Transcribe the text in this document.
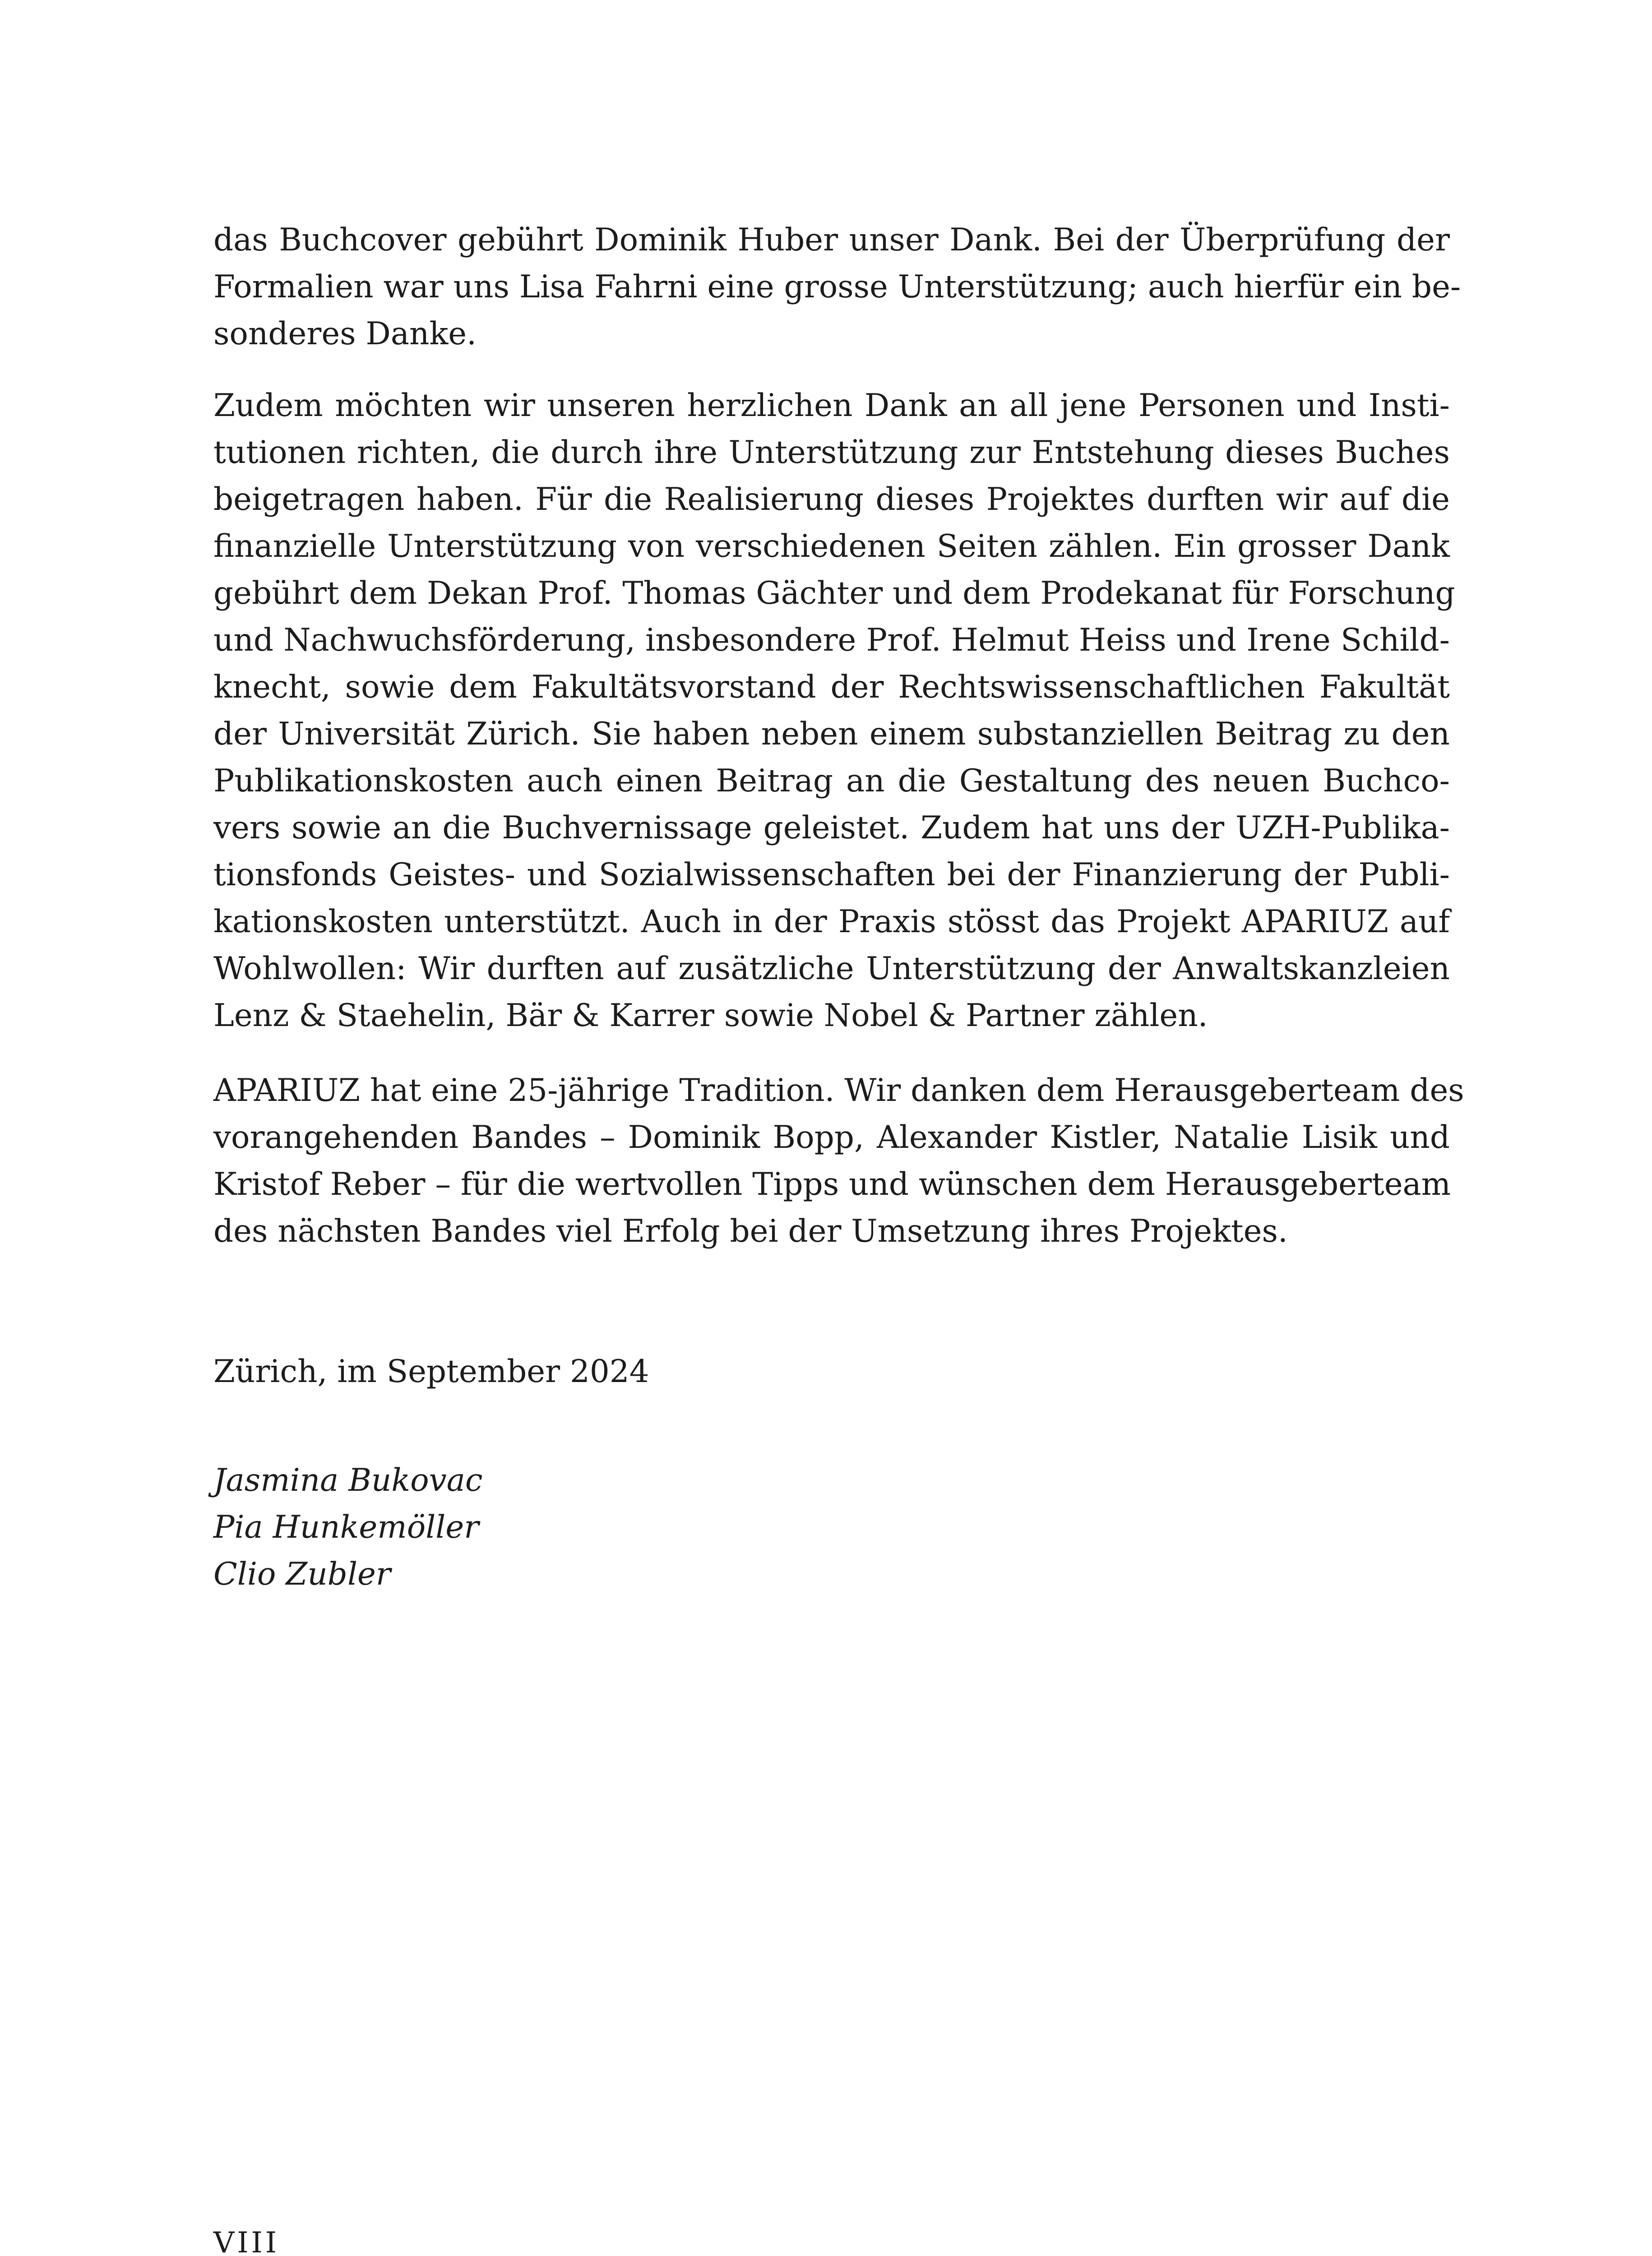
das Buchcover gebührt Dominik Huber unser Dank. Bei der Überprüfung der
Formalien war uns Lisa Fahrni eine grosse Unterstützung; auch hierfür ein be-
sonderes Danke.
Zudem möchten wir unseren herzlichen Dank an all jene Personen und Insti-
tutionen richten, die durch ihre Unterstützung zur Entstehung dieses Buches
beigetragen haben. Für die Realisierung dieses Projektes durften wir auf die
finanzielle Unterstützung von verschiedenen Seiten zählen. Ein grosser Dank
gebührt dem Dekan Prof. Thomas Gächter und dem Prodekanat für Forschung
und Nachwuchsförderung, insbesondere Prof. Helmut Heiss und Irene Schild-
knecht, sowie dem Fakultätsvorstand der Rechtswissenschaftlichen Fakultät
der Universität Zürich. Sie haben neben einem substanziellen Beitrag zu den
Publikationskosten auch einen Beitrag an die Gestaltung des neuen Buchco-
vers sowie an die Buchvernissage geleistet. Zudem hat uns der UZH-Publika-
tionsfonds Geistes- und Sozialwissenschaften bei der Finanzierung der Publi-
kationskosten unterstützt. Auch in der Praxis stösst das Projekt APARIUZ auf
Wohlwollen: Wir durften auf zusätzliche Unterstützung der Anwaltskanzleien
Lenz & Staehelin, Bär & Karrer sowie Nobel & Partner zählen.
APARIUZ hat eine 25-jährige Tradition. Wir danken dem Herausgeberteam des
vorangehenden Bandes – Dominik Bopp, Alexander Kistler, Natalie Lisik und
Kristof Reber – für die wertvollen Tipps und wünschen dem Herausgeberteam
des nächsten Bandes viel Erfolg bei der Umsetzung ihres Projektes.

Zürich, im September 2024

Jasmina Bukovac
Pia Hunkemöller
Clio Zubler

VIII
